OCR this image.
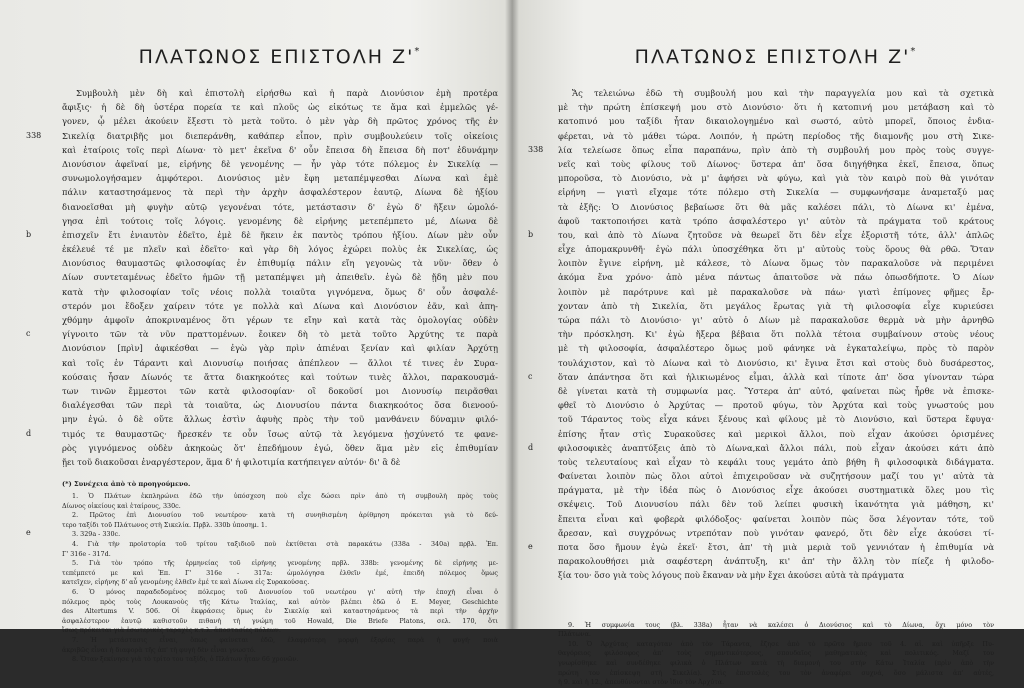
ΠΛΑΤΩΝΟΣ ΕΠΙΣΤΟΛΗ Ζ'*
Συμβουλὴ μὲν δὴ καὶ ἐπιστολὴ εἰρήσθω καὶ ἡ παρὰ Διονύσιον ἐμὴ προτέρα
ἄφιξις· ἡ δὲ δὴ ὑστέρα πορεία τε καὶ πλοῦς ὡς εἰκότως τε ἅμα καὶ ἐμμελῶς γέ-
γονεν, ᾧ μέλει ἀκούειν ἔξεστι τὸ μετὰ τοῦτο. ὁ μὲν γὰρ δὴ πρῶτος χρόνος τῆς ἐν
Σικελίᾳ διατριβῆς μοι διεπεράνθη, καθάπερ εἶπον, πρὶν συμβουλεύειν τοῖς οἰκείοις
καὶ ἑταίροις τοῖς περὶ Δίωνα· τὸ μετ' ἐκεῖνα δ' οὖν ἔπεισα δὴ ἔπεισα δὴ ποτ' ἐδυνάμην
Διονύσιον ἀφεῖναί με, εἰρήνης δὲ γενομένης — ἦν γὰρ τότε πόλεμος ἐν Σικελίᾳ —
συνωμολογήσαμεν ἀμφότεροι. Διονύσιος μὲν ἔφη μεταπέμψεσθαι Δίωνα καὶ ἐμὲ
πάλιν καταστησάμενος τὰ περὶ τὴν ἀρχὴν ἀσφαλέστερον ἑαυτῷ, Δίωνα δὲ ἠξίου
διανοεῖσθαι μὴ φυγὴν αὐτῷ γεγονέναι τότε, μετάστασιν δ' ἐγὼ δ' ἥξειν ὡμολό-
γησα ἐπὶ τούτοις τοῖς λόγοις. γενομένης δὲ εἰρήνης μετεπέμπετο μέ, Δίωνα δὲ
ἐπισχεῖν ἔτι ἐνιαυτὸν ἐδεῖτο, ἐμὲ δὲ ἥκειν ἐκ παντὸς τρόπου ἠξίου. Δίων μὲν οὖν
ἐκέλευέ τέ με πλεῖν καὶ ἐδεῖτο· καὶ γὰρ δὴ λόγος ἐχώρει πολὺς ἐκ Σικελίας, ὡς
Διονύσιος θαυμαστῶς φιλοσοφίας ἐν ἐπιθυμίᾳ πάλιν εἴη γεγονὼς τὰ νῦν· ὅθεν ὁ
Δίων συντεταμένως ἐδεῖτο ἡμῶν τῇ μεταπέμψει μὴ ἀπειθεῖν. ἐγὼ δὲ ᾔδη μὲν που
κατὰ τὴν φιλοσοφίαν τοῖς νέοις πολλὰ τοιαῦτα γιγνόμενα, ὅμως δ' οὖν ἀσφαλέ-
στερόν μοι ἔδοξεν χαίρειν τότε γε πολλὰ καὶ Δίωνα καὶ Διονύσιον ἐᾶν, καὶ ἀπη-
χθόμην ἀμφοῖν ἀποκριναμένος ὅτι γέρων τε εἴην καὶ κατὰ τὰς ὁμολογίας οὐδὲν
γίγνοιτο τῶν τὰ νῦν πραττομένων. ἔοικεν δὴ τὸ μετὰ τοῦτο Ἀρχύτης τε παρὰ
Διονύσιον [πρὶν] ἀφικέσθαι — ἐγὼ γὰρ πρὶν ἀπιέναι ξενίαν καὶ φιλίαν Ἀρχύτῃ
καὶ τοῖς ἐν Τάραντι καὶ Διονυσίῳ ποιήσας ἀπέπλεον — ἄλλοι τέ τινες ἐν Συρα-
κούσαις ἦσαν Δίωνός τε ἄττα διακηκοότες καὶ τούτων τινὲς ἄλλοι, παρακουσμά-
των τινῶν ἔμμεστοι τῶν κατὰ φιλοσοφίαν· οἳ δοκοῦσί μοι Διονυσίῳ πειρᾶσθαι
διαλέγεσθαι τῶν περὶ τὰ τοιαῦτα, ὡς Διονυσίου πάντα διακηκοότος ὅσα διενοού-
μην ἐγώ. ὁ δὲ οὔτε ἄλλως ἐστὶν ἀφυὴς πρὸς τὴν τοῦ μανθάνειν δύναμιν φιλό-
τιμός τε θαυμαστῶς· ἤρεσκέν τε οὖν ἴσως αὐτῷ τὰ λεγόμενα ᾐσχύνετό τε φανε-
ρὸς γιγνόμενος οὐδὲν ἀκηκοὼς ὅτ' ἐπεδήμουν ἐγώ, ὅθεν ἅμα μὲν εἰς ἐπιθυμίαν
ᾔει τοῦ διακοῦσαι ἐναργέστερον, ἅμα δ' ἡ φιλοτιμία κατήπειγεν αὐτόν· δι' ἃ δὲ
338
b
c
d
e
(*) Συνέχεια ἀπὸ τὸ προηγούμενο.
1. Ὁ Πλάτων ἐκπληρώνει ἐδῶ τὴν ὑπόσχεση ποὺ εἶχε δώσει πρὶν ἀπὸ τὴ συμβουλὴ πρὸς τοὺς
Δίωνος οἰκείους καὶ ἑταίρους, 330c.
2. Πρῶτος ἐπὶ Διονυσίου τοῦ νεωτέρου· κατὰ τὴ συνηθισμένη ἀρίθμηση πρόκειται γιὰ τὸ δεύ-
τερο ταξίδι τοῦ Πλάτωνος στὴ Σικελία. Πρβλ. 330b ὑποσημ. 1.
3. 329a - 330c.
4. Γιὰ τὴν προϊστορία τοῦ τρίτου ταξιδιοῦ ποὺ ἐκτίθεται στὰ παρακάτω (338a - 340a) πρβλ. Ἐπ.
Γ' 316e - 317d.
5. Γιὰ τὸν τρόπο τῆς ἑρμηνείας τοῦ εἰρήνης γενομένης πρβλ. 338b: γενομένης δὲ εἰρήνης με-
τεπέμπετό με καὶ Ἐπ. Γ' 316e - 317a: ὡμολόγησα ἐλθεῖν ἐμέ, ἐπειδὴ πόλεμος ὅμως
κατεῖχεν, εἰρήνης δ' αὖ γενομένης ἐλθεῖν ἐμέ τε καὶ Δίωνα εἰς Συρακούσας.
6. Ὁ μόνος παραδεδομένος πόλεμος τοῦ Διονυσίου τοῦ νεωτέρου γι' αὐτὴ τὴν ἐποχὴ εἶναι ὁ
πόλεμος πρὸς τοὺς Λουκανοὺς τῆς Κάτω Ἰταλίας, καὶ αὐτὸν βλέπει ἐδῶ ὁ E. Meyer, Geschichte
des Altertums V. 506. Οἱ ἐκφράσεις ὅμως ἐν Σικελίᾳ καὶ καταστησάμενος τὰ περὶ τὴν ἀρχὴν
ἀσφαλέστερον ἑαυτῷ καθιστοῦν πιθανὴ τὴ γνώμη τοῦ Howald, Die Briefe Platons, σελ. 170, ὅτι
ἴσως πρόκειται γιὰ ἐσωτερικὲς ταραχὲς κ.τ.λ. ἀποστασίες πόλεων.
7. Ἡ μετάστασις εἶναι, ὅπως φαίνεται ἐδῶ, ἐλαφρότερη μορφὴ ἐξορίας παρὰ ἡ φυγή· ποιὰ
ἀκριβῶς εἶναι ἡ διαφορὰ τῆς ἀπ' τὴ φυγὴ δὲν εἶναι γνωστό.
8. Ὅταν ξεκίνησε γιὰ τὸ τρίτο του ταξίδι, ὁ Πλάτων ἦταν 66 χρονῶν.
ΠΛΑΤΩΝΟΣ ΕΠΙΣΤΟΛΗ Ζ'*
Ἄς τελειώνω ἐδῶ τὴ συμβουλή μου καὶ τὴν παραγγελία μου καὶ τὰ σχετικὰ
μὲ τὴν πρώτη ἐπίσκεψή μου στὸ Διονύσιο· ὅτι ἡ κατοπινή μου μετάβαση καὶ τὸ
κατοπινό μου ταξίδι ἦταν δικαιολογημένο καὶ σωστό, αὐτὸ μπορεῖ, ὅποιος ἐνδια-
φέρεται, νὰ τὸ μάθει τώρα. Λοιπόν, ἡ πρώτη περίοδος τῆς διαμονῆς μου στὴ Σικε-
λία τελείωσε ὅπως εἶπα παραπάνω, πρὶν ἀπὸ τὴ συμβουλή μου πρὸς τοὺς συγγε-
νεῖς καὶ τοὺς φίλους τοῦ Δίωνος· ὕστερα ἀπ' ὅσα διηγήθηκα ἐκεῖ, ἔπεισα, ὅπως
μποροῦσα, τὸ Διονύσιο, νὰ μ' ἀφήσει νὰ φύγω, καὶ γιὰ τὸν καιρὸ ποὺ θὰ γινόταν
εἰρήνη — γιατὶ εἴχαμε τότε πόλεμο στὴ Σικελία — συμφωνήσαμε ἀναμεταξύ μας
τὰ ἑξῆς: Ὁ Διονύσιος βεβαίωσε ὅτι θὰ μᾶς καλέσει πάλι, τὸ Δίωνα κι' ἐμένα,
ἀφοῦ τακτοποιήσει κατὰ τρόπο ἀσφαλέστερο γι' αὐτὸν τὰ πράγματα τοῦ κράτους
του, καὶ ἀπὸ τὸ Δίωνα ζητοῦσε νὰ θεωρεῖ ὅτι δὲν εἶχε ἐξοριστῆ τότε, ἀλλ' ἁπλῶς
εἶχε ἀπομακρυνθῆ· ἐγὼ πάλι ὑποσχέθηκα ὅτι μ' αὐτοὺς τοὺς ὅρους θὰ ρθῶ. Ὅταν
λοιπὸν ἔγινε εἰρήνη, μὲ κάλεσε, τὸ Δίωνα ὅμως τὸν παρακαλοῦσε νὰ περιμένει
ἀκόμα ἕνα χρόνο· ἀπὸ μένα πάντως ἀπαιτοῦσε νὰ πάω ὁπωσδήποτε. Ὁ Δίων
λοιπὸν μὲ παρότρυνε καὶ μὲ παρακαλοῦσε νὰ πάω· γιατὶ ἐπίμονες φῆμες ἔρ-
χονταν ἀπὸ τὴ Σικελία, ὅτι μεγάλος ἔρωτας γιὰ τὴ φιλοσοφία εἶχε κυριεύσει
τώρα πάλι τὸ Διονύσιο· γι' αὐτὸ ὁ Δίων μὲ παρακαλοῦσε θερμὰ νὰ μὴν ἀρνηθῶ
τὴν πρόσκληση. Κι' ἐγὼ ἤξερα βέβαια ὅτι πολλὰ τέτοια συμβαίνουν στοὺς νέους
μὲ τὴ φιλοσοφία, ἀσφαλέστερο ὅμως μοῦ φάνηκε νὰ ἐγκαταλείψω, πρὸς τὸ παρὸν
τουλάχιστον, καὶ τὸ Δίωνα καὶ τὸ Διονύσιο, κι' ἔγινα ἔτσι καὶ στοὺς δυὸ δυσάρεστος,
ὅταν ἀπάντησα ὅτι καὶ ἡλικιωμένος εἶμαι, ἀλλὰ καὶ τίποτε ἀπ' ὅσα γίνονταν τώρα
δὲ γίνεται κατὰ τὴ συμφωνία μας. Ὕστερα ἀπ' αὐτό, φαίνεται πὼς ἦρθε νὰ ἐπισκε-
φθεῖ τὸ Διονύσιο ὁ Ἀρχύτας — προτοῦ φύγω, τὸν Ἀρχύτα καὶ τοὺς γνωστούς μου
τοῦ Τάραντος τοὺς εἶχα κάνει ξένους καὶ φίλους μὲ τὸ Διονύσιο, καὶ ὕστερα ἔφυγα·
ἐπίσης ἦταν στὶς Συρακοῦσες καὶ μερικοὶ ἄλλοι, ποὺ εἶχαν ἀκούσει ὁρισμένες
φιλοσοφικὲς ἀναπτύξεις ἀπὸ τὸ Δίωνα,καὶ ἄλλοι πάλι, ποὺ εἶχαν ἀκούσει κάτι ἀπὸ
τοὺς τελευταίους καὶ εἶχαν τὸ κεφάλι τους γεμάτο ἀπὸ βήθη ἢ φιλοσοφικὰ διδάγματα.
Φαίνεται λοιπὸν πὼς ὅλοι αὐτοὶ ἐπιχειροῦσαν νὰ συζητήσουν μαζί του γι' αὐτὰ τὰ
πράγματα, μὲ τὴν ἰδέα πὼς ὁ Διονύσιος εἶχε ἀκούσει συστηματικὰ ὅλες μου τὶς
σκέψεις. Τοῦ Διονυσίου πάλι δὲν τοῦ λείπει φυσικὴ ἱκανότητα γιὰ μάθηση, κι'
ἔπειτα εἶναι καὶ φοβερὰ φιλόδοξος· φαίνεται λοιπὸν πὼς ὅσα λέγονταν τότε, τοῦ
ἄρεσαν, καὶ συγχρόνως ντρεπόταν ποὺ γινόταν φανερό, ὅτι δὲν εἶχε ἀκούσει τί-
ποτα ὅσο ἤμουν ἐγὼ ἐκεῖ· ἔτσι, ἀπ' τὴ μιὰ μεριὰ τοῦ γεννιόταν ἡ ἐπιθυμία νὰ
παρακολουθήσει μιὰ σαφέστερη ἀνάπτυξη, κι' ἀπ' τὴν ἄλλη τὸν πίεζε ἡ φιλοδο-
ξία του· ὅσο γιὰ τοὺς λόγους ποὺ ἔκαναν νὰ μὴν ἔχει ἀκούσει αὐτὰ τὰ πράγματα
338
b
c
d
e
9. Ἡ συμφωνία τους (βλ. 338a) ἦταν νὰ καλέσει ὁ Διονύσιος καὶ τὸ Δίωνα, ὄχι μόνο τὸν
Πλάτωνα.
10. Ὁ Ἀρχύτας καταγόταν ἀπὸ τὸν Τάραντα, ἔζησε ἀπὸ τὸ πρῶτο ἥμισυ τοῦ 4. αἰ. καὶ ὑπῆρξε Πυ-
θαγόρειος φιλόσοφος ἀπ' τοὺς σημαντικότερους, σπουδαῖος μαθηματικὸς καὶ πολιτικός. Μαζί του
γνωρίσθηκε καὶ συνδέθηκε φιλικὰ ὁ Πλάτων κατὰ τὴ διαμονή του στὴν Κάτω Ἰταλία (πρὶν ἀπὸ τὴν
πρώτη του ἐπίσκεψη στὴ Σικελία). Στὶς ἐπιστολὲς του τὸν ἀναφέρει συχνά, ὅσο μάλιστα ἀπ' αὐτές,
ἡ 9. καὶ ἡ 12., ἀπευθύνονται στὸν ἴδιο τὸν Ἀρχύτα.
